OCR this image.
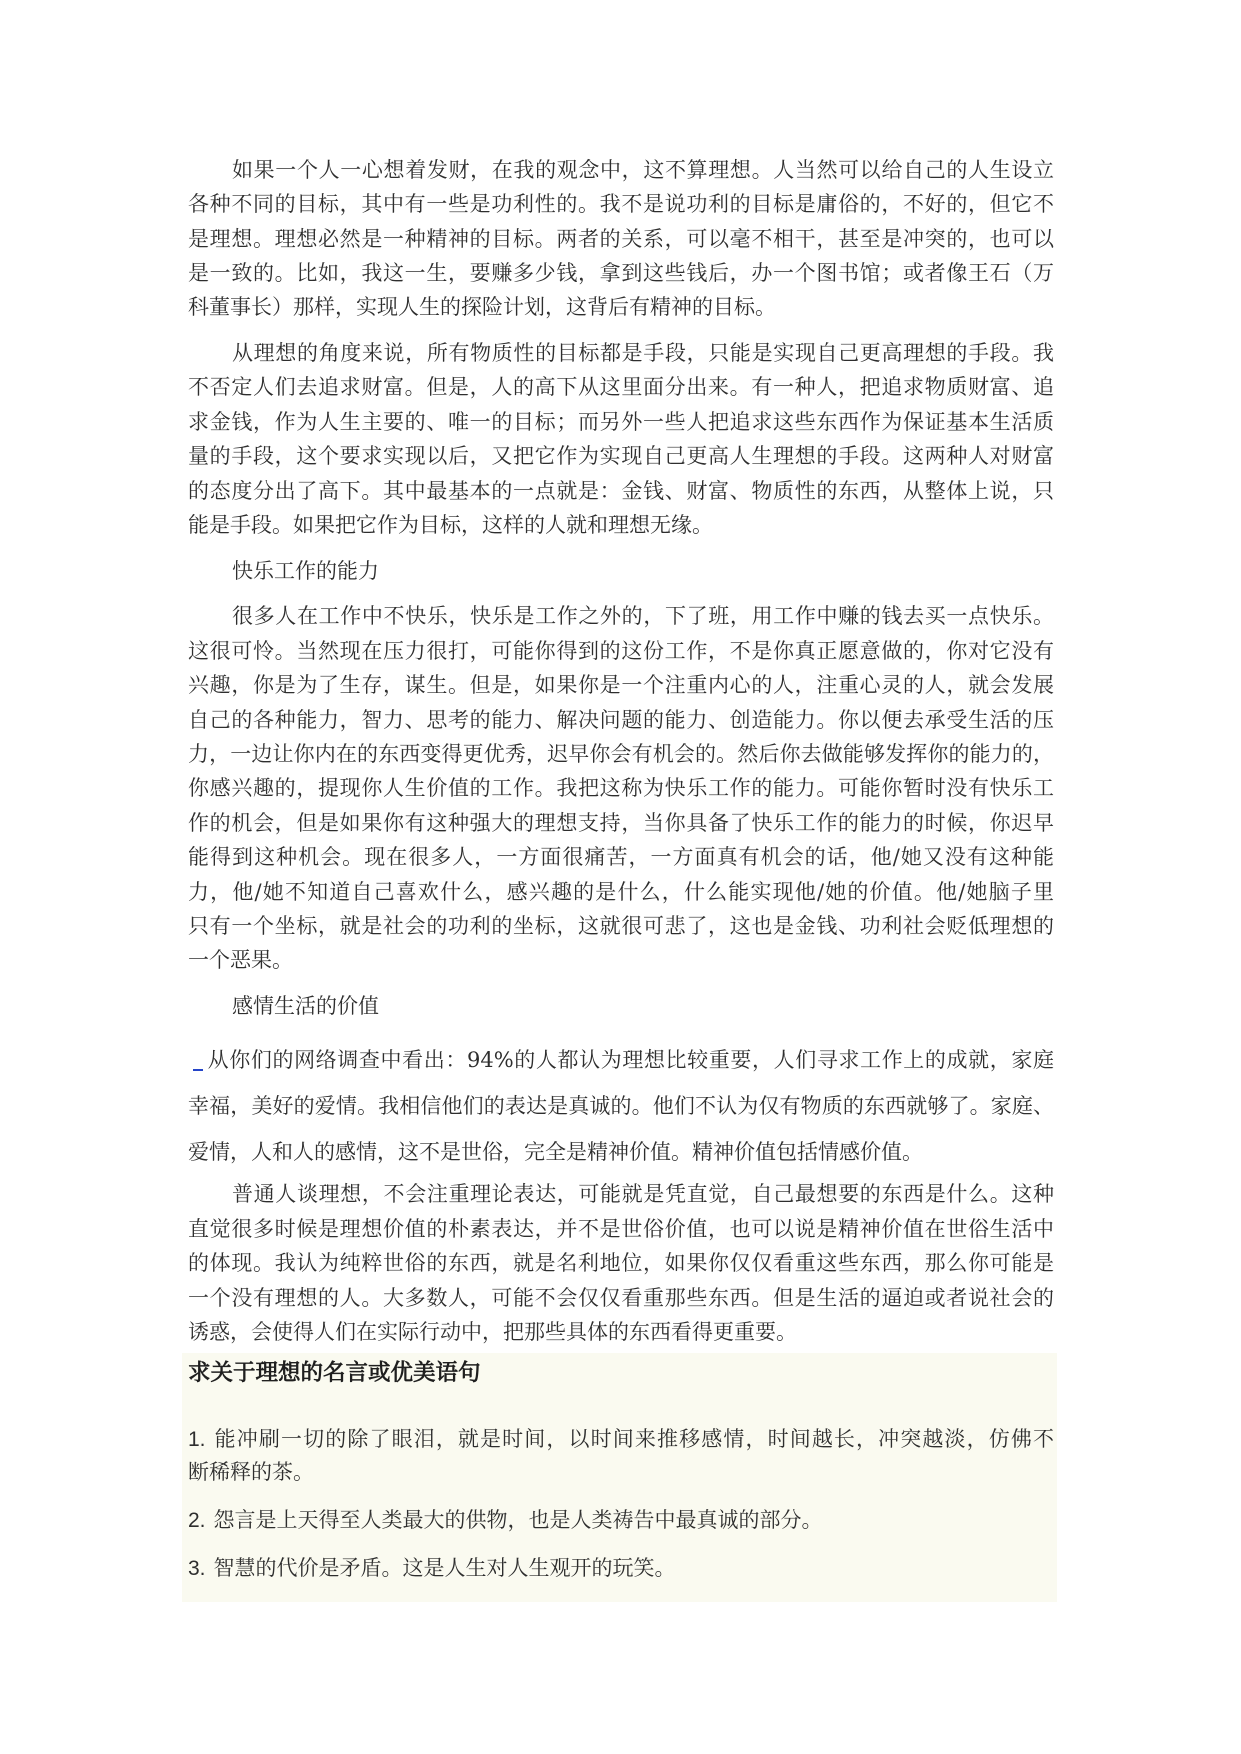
如果一个人一心想着发财，在我的观念中，这不算理想。人当然可以给自己的人生设立
各种不同的目标，其中有一些是功利性的。我不是说功利的目标是庸俗的，不好的，但它不
是理想。理想必然是一种精神的目标。两者的关系，可以毫不相干，甚至是冲突的，也可以
是一致的。比如，我这一生，要赚多少钱，拿到这些钱后，办一个图书馆；或者像王石（万
科董事长）那样，实现人生的探险计划，这背后有精神的目标。
从理想的角度来说，所有物质性的目标都是手段，只能是实现自己更高理想的手段。我
不否定人们去追求财富。但是，人的高下从这里面分出来。有一种人，把追求物质财富、追
求金钱，作为人生主要的、唯一的目标；而另外一些人把追求这些东西作为保证基本生活质
量的手段，这个要求实现以后，又把它作为实现自己更高人生理想的手段。这两种人对财富
的态度分出了高下。其中最基本的一点就是：金钱、财富、物质性的东西，从整体上说，只
能是手段。如果把它作为目标，这样的人就和理想无缘。
快乐工作的能力
很多人在工作中不快乐，快乐是工作之外的，下了班，用工作中赚的钱去买一点快乐。
这很可怜。当然现在压力很打，可能你得到的这份工作，不是你真正愿意做的，你对它没有
兴趣，你是为了生存，谋生。但是，如果你是一个注重内心的人，注重心灵的人，就会发展
自己的各种能力，智力、思考的能力、解决问题的能力、创造能力。你以便去承受生活的压
力，一边让你内在的东西变得更优秀，迟早你会有机会的。然后你去做能够发挥你的能力的，
你感兴趣的，提现你人生价值的工作。我把这称为快乐工作的能力。可能你暂时没有快乐工
作的机会，但是如果你有这种强大的理想支持，当你具备了快乐工作的能力的时候，你迟早
能得到这种机会。现在很多人，一方面很痛苦，一方面真有机会的话，他/她又没有这种能
力，他/她不知道自己喜欢什么，感兴趣的是什么，什么能实现他/她的价值。他/她脑子里
只有一个坐标，就是社会的功利的坐标，这就很可悲了，这也是金钱、功利社会贬低理想的
一个恶果。
感情生活的价值
从你们的网络调查中看出：94%的人都认为理想比较重要，人们寻求工作上的成就，家庭
幸福，美好的爱情。我相信他们的表达是真诚的。他们不认为仅有物质的东西就够了。家庭、
爱情，人和人的感情，这不是世俗，完全是精神价值。精神价值包括情感价值。
普通人谈理想，不会注重理论表达，可能就是凭直觉，自己最想要的东西是什么。这种
直觉很多时候是理想价值的朴素表达，并不是世俗价值，也可以说是精神价值在世俗生活中
的体现。我认为纯粹世俗的东西，就是名利地位，如果你仅仅看重这些东西，那么你可能是
一个没有理想的人。大多数人，可能不会仅仅看重那些东西。但是生活的逼迫或者说社会的
诱惑，会使得人们在实际行动中，把那些具体的东西看得更重要。
求关于理想的名言或优美语句
1. 能冲刷一切的除了眼泪，就是时间，以时间来推移感情，时间越长，冲突越淡，仿佛不
断稀释的茶。
2. 怨言是上天得至人类最大的供物，也是人类祷告中最真诚的部分。
3. 智慧的代价是矛盾。这是人生对人生观开的玩笑。
